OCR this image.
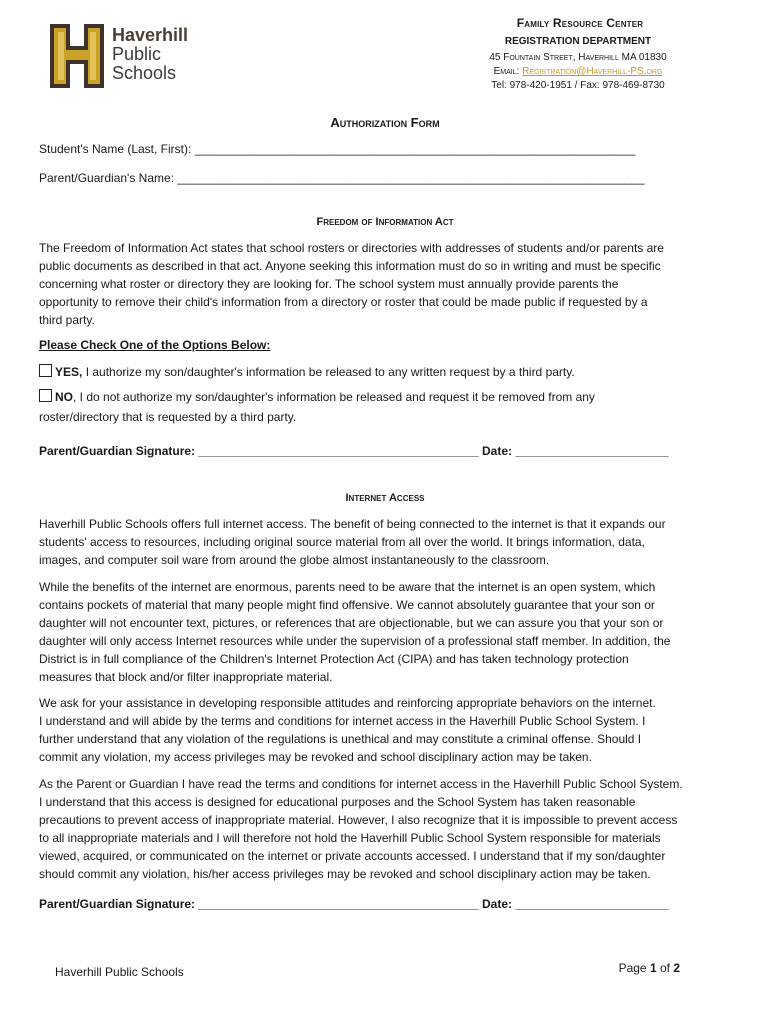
Haverhill
Public
Schools
Family Resource Center
REGISTRATION DEPARTMENT
45 Fountain Street, Haverhill MA 01830
Email: Registration@Haverhill-PS.org
Tel: 978-420-1951 / Fax: 978-469-8730
Authorization Form
Student's Name (Last, First): __________________________________________________________________
Parent/Guardian's Name: ______________________________________________________________________
Freedom of Information Act
The Freedom of Information Act states that school rosters or directories with addresses of students and/or parents are
public documents as described in that act. Anyone seeking this information must do so in writing and must be specific
concerning what roster or directory they are looking for. The school system must annually provide parents the
opportunity to remove their child's information from a directory or roster that could be made public if requested by a
third party.
Please Check One of the Options Below:
YES, I authorize my son/daughter's information be released to any written request by a third party.
NO, I do not authorize my son/daughter's information be released and request it be removed from any
roster/directory that is requested by a third party.
Parent/Guardian Signature: __________________________________________ Date: _______________________
Internet Access
Haverhill Public Schools offers full internet access. The benefit of being connected to the internet is that it expands our
students' access to resources, including original source material from all over the world. It brings information, data,
images, and computer soil ware from around the globe almost instantaneously to the classroom.
While the benefits of the internet are enormous, parents need to be aware that the internet is an open system, which
contains pockets of material that many people might find offensive. We cannot absolutely guarantee that your son or
daughter will not encounter text, pictures, or references that are objectionable, but we can assure you that your son or
daughter will only access Internet resources while under the supervision of a professional staff member. In addition, the
District is in full compliance of the Children's Internet Protection Act (CIPA) and has taken technology protection
measures that block and/or filter inappropriate material.
We ask for your assistance in developing responsible attitudes and reinforcing appropriate behaviors on the internet.
I understand and will abide by the terms and conditions for internet access in the Haverhill Public School System. I
further understand that any violation of the regulations is unethical and may constitute a criminal offense. Should I
commit any violation, my access privileges may be revoked and school disciplinary action may be taken.
As the Parent or Guardian I have read the terms and conditions for internet access in the Haverhill Public School System.
I understand that this access is designed for educational purposes and the School System has taken reasonable
precautions to prevent access of inappropriate material. However, I also recognize that it is impossible to prevent access
to all inappropriate materials and I will therefore not hold the Haverhill Public School System responsible for materials
viewed, acquired, or communicated on the internet or private accounts accessed. I understand that if my son/daughter
should commit any violation, his/her access privileges may be revoked and school disciplinary action may be taken.
Parent/Guardian Signature: __________________________________________ Date: _______________________
Haverhill Public Schools	Page 1 of 2
